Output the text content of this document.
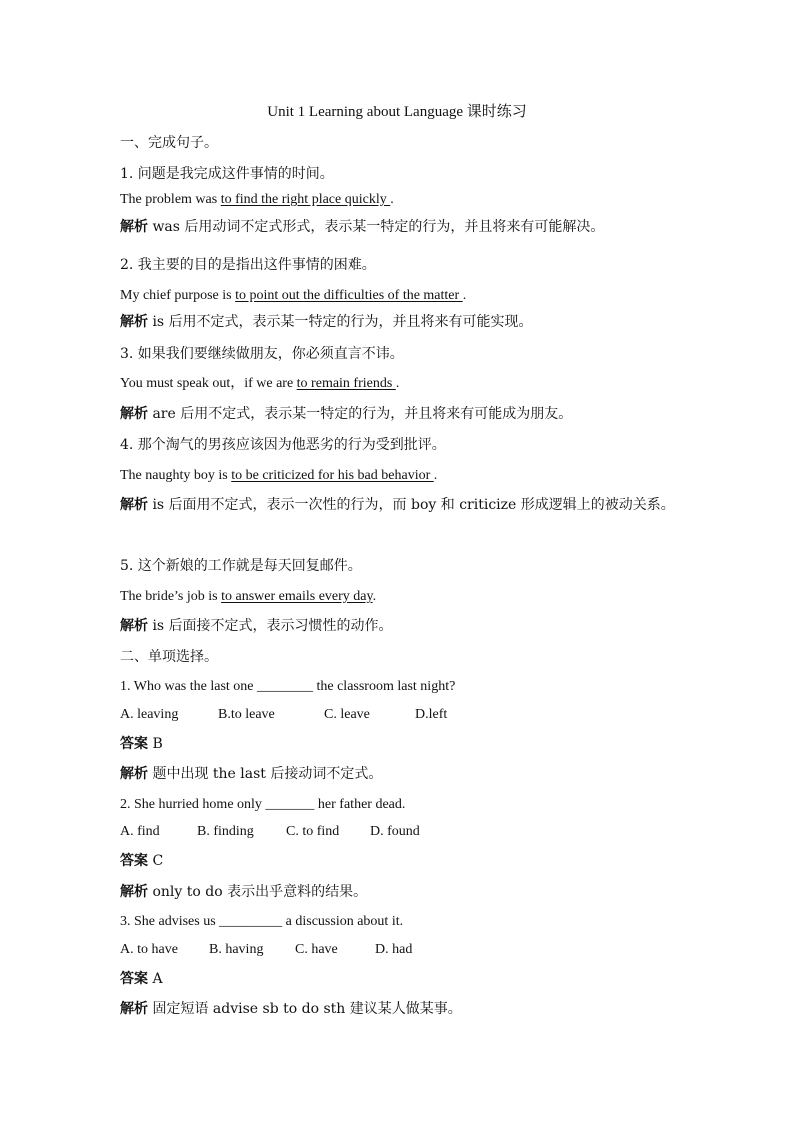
Unit 1 Learning about Language 课时练习
一、完成句子。
1. 问题是我完成这件事情的时间。
The problem was to find the right place quickly .
解析 was 后用动词不定式形式，表示某一特定的行为，并且将来有可能解决。
2. 我主要的目的是指出这件事情的困难。
My chief purpose is to point out the difficulties of the matter .
解析 is 后用不定式，表示某一特定的行为，并且将来有可能实现。
3. 如果我们要继续做朋友，你必须直言不讳。
You must speak out，if we are to remain friends .
解析 are 后用不定式，表示某一特定的行为，并且将来有可能成为朋友。
4. 那个淘气的男孩应该因为他恶劣的行为受到批评。
The naughty boy is to be criticized for his bad behavior .
解析 is 后面用不定式，表示一次性的行为，而 boy 和 criticize 形成逻辑上的被动关系。
5. 这个新娘的工作就是每天回复邮件。
The bride’s job is to answer emails every day.
解析 is 后面接不定式，表示习惯性的动作。
二、单项选择。
1. Who was the last one ________ the classroom last night?
A. leaving	B.to leave	C. leave	D.left
答案 B
解析 题中出现 the last 后接动词不定式。
2. She hurried home only _______ her father dead.
A. find	B. finding C. to find D. found
答案 C
解析 only to do 表示出乎意料的结果。
3. She advises us _________ a discussion about it.
A. to have B. having C. have	D. had
答案 A
解析 固定短语 advise sb to do sth 建议某人做某事。
